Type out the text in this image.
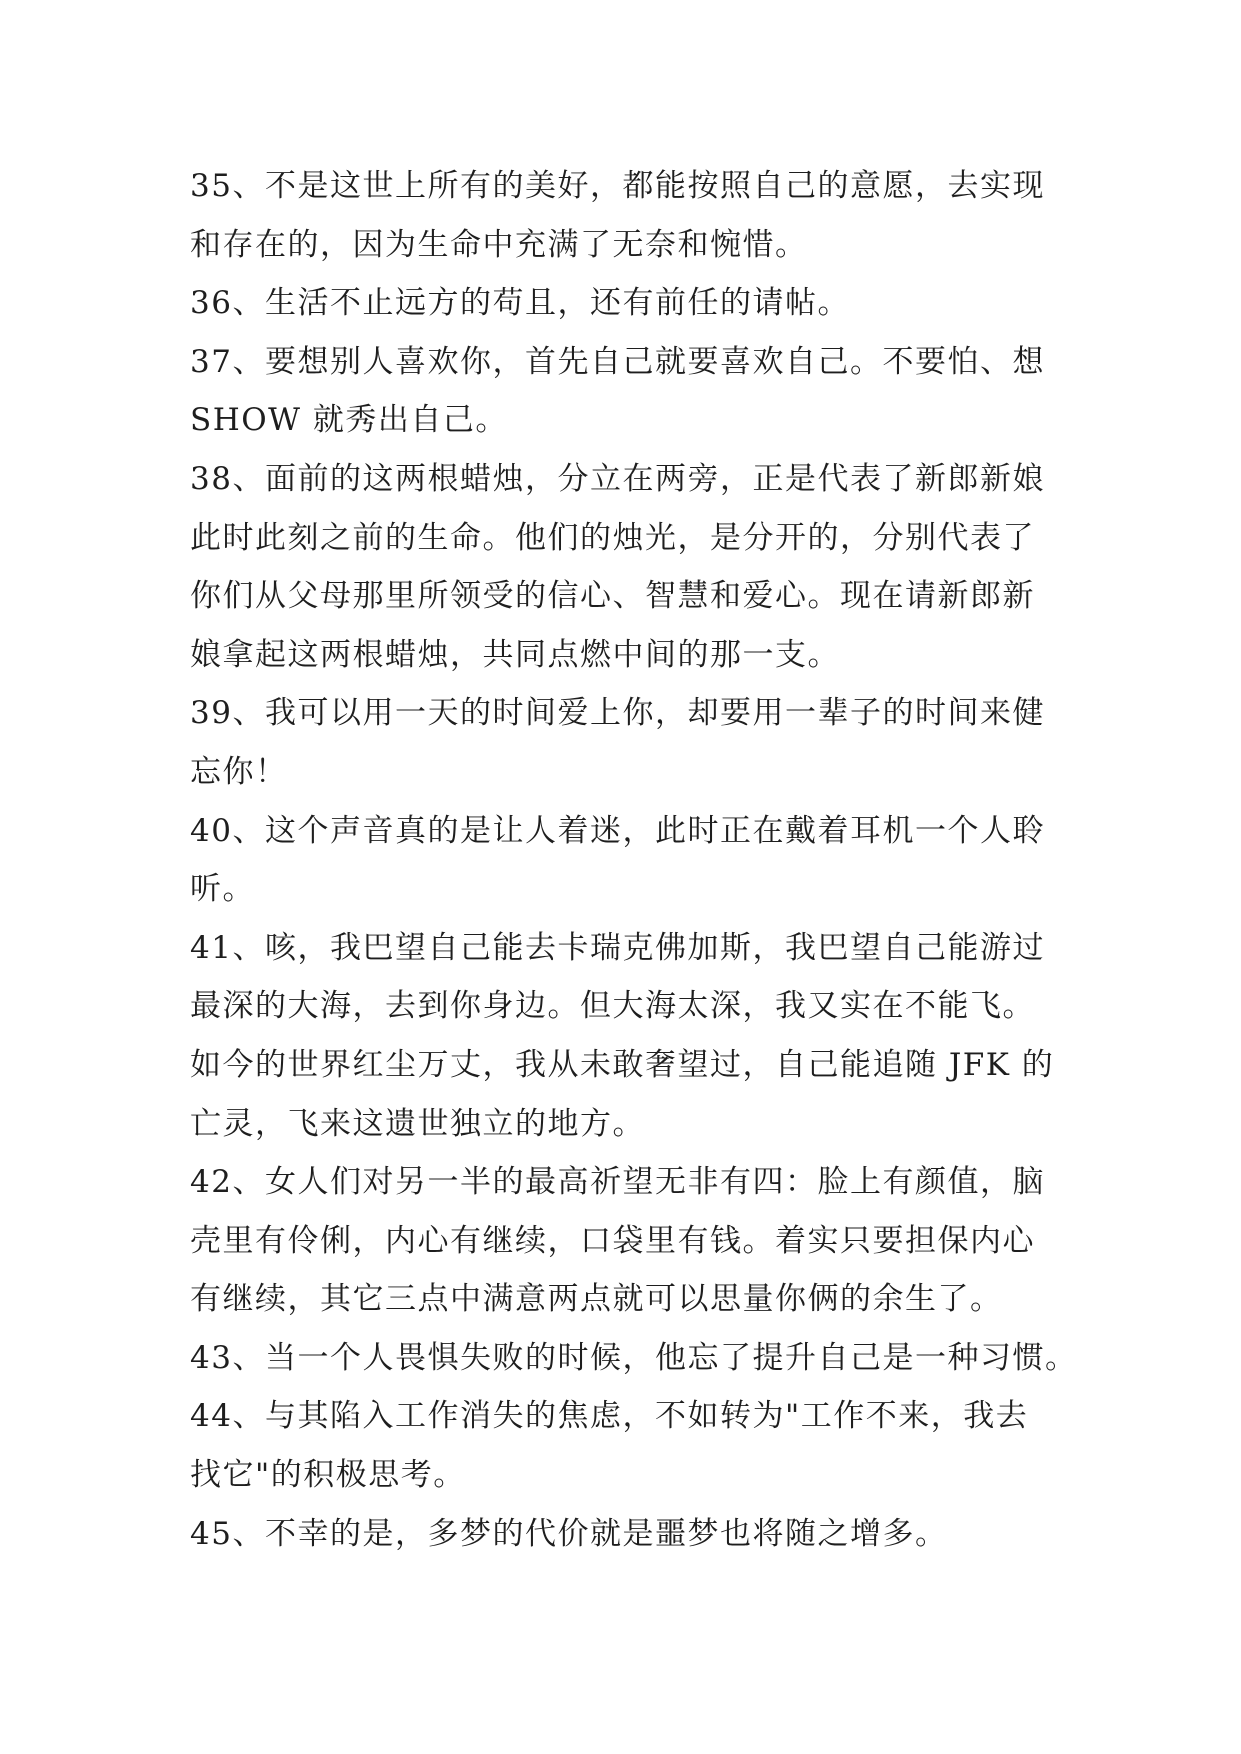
35、不是这世上所有的美好，都能按照自己的意愿，去实现
和存在的，因为生命中充满了无奈和惋惜。
36、生活不止远方的苟且，还有前任的请帖。
37、要想别人喜欢你，首先自己就要喜欢自己。不要怕、想
SHOW 就秀出自己。
38、面前的这两根蜡烛，分立在两旁，正是代表了新郎新娘
此时此刻之前的生命。他们的烛光，是分开的，分别代表了
你们从父母那里所领受的信心、智慧和爱心。现在请新郎新
娘拿起这两根蜡烛，共同点燃中间的那一支。
39、我可以用一天的时间爱上你，却要用一辈子的时间来健
忘你！
40、这个声音真的是让人着迷，此时正在戴着耳机一个人聆
听。
41、咳，我巴望自己能去卡瑞克佛加斯，我巴望自己能游过
最深的大海，去到你身边。但大海太深，我又实在不能飞。
如今的世界红尘万丈，我从未敢奢望过，自己能追随 JFK 的
亡灵，飞来这遗世独立的地方。
42、女人们对另一半的最高祈望无非有四：脸上有颜值，脑
壳里有伶俐，内心有继续，口袋里有钱。着实只要担保内心
有继续，其它三点中满意两点就可以思量你俩的余生了。
43、当一个人畏惧失败的时候，他忘了提升自己是一种习惯。
44、与其陷入工作消失的焦虑，不如转为"工作不来，我去
找它"的积极思考。
45、不幸的是，多梦的代价就是噩梦也将随之增多。
